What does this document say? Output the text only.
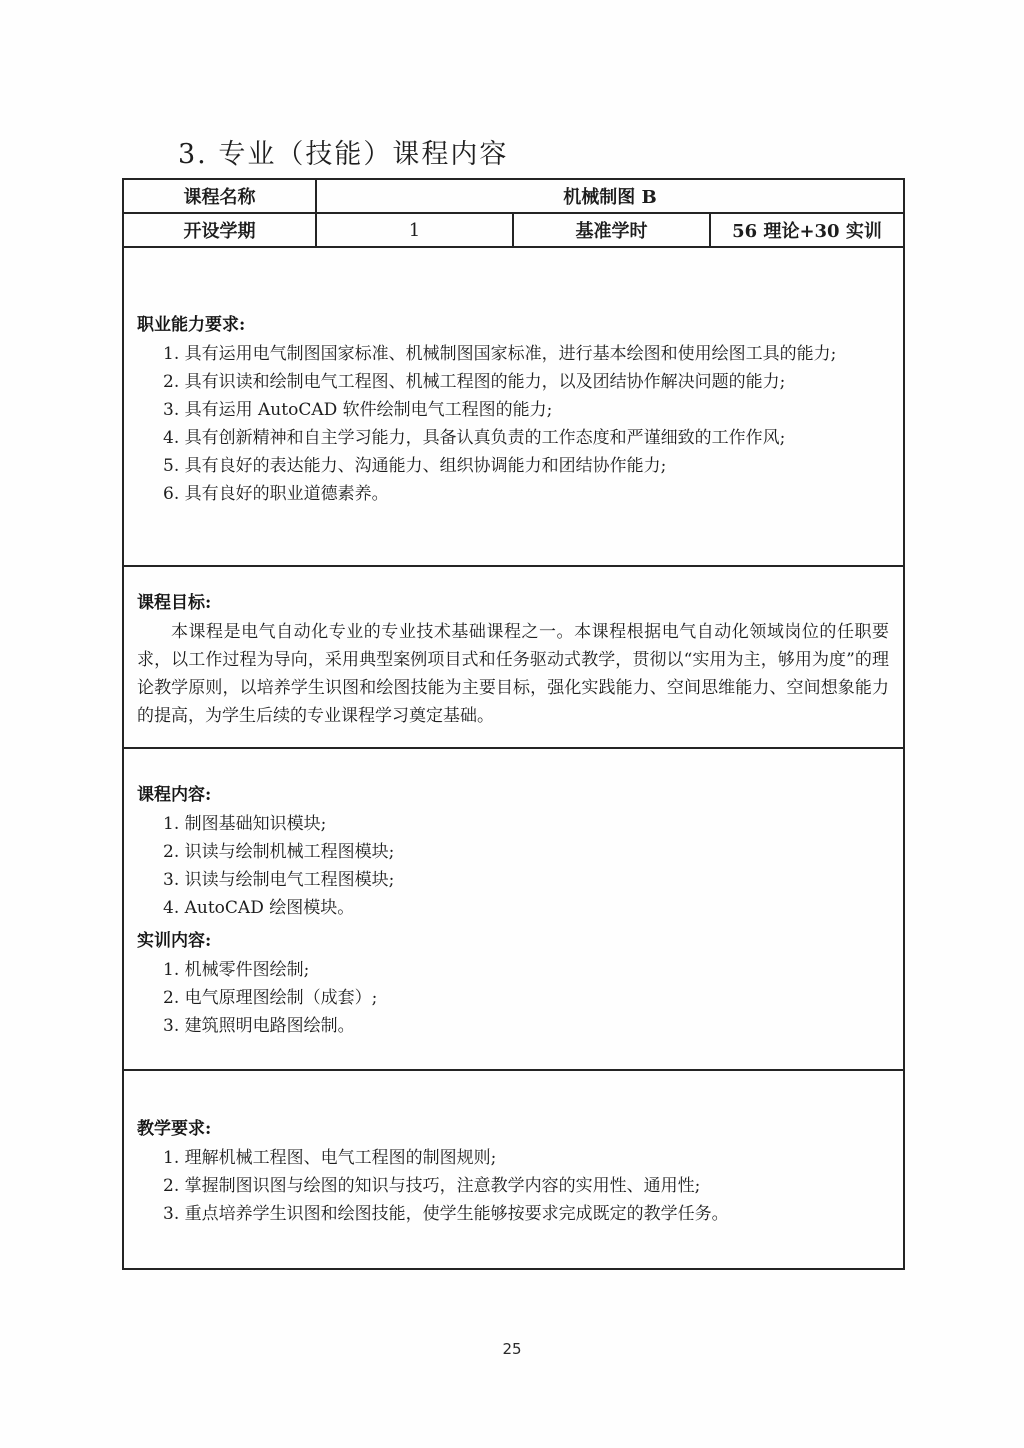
3. 专业（技能）课程内容
课程名称	机械制图 B
开设学期	1	基准学时	56 理论+30 实训
职业能力要求:
1. 具有运用电气制图国家标准、机械制图国家标准，进行基本绘图和使用绘图工具的能力;
2. 具有识读和绘制电气工程图、机械工程图的能力，以及团结协作解决问题的能力;
3. 具有运用 AutoCAD 软件绘制电气工程图的能力;
4. 具有创新精神和自主学习能力，具备认真负责的工作态度和严谨细致的工作作风;
5. 具有良好的表达能力、沟通能力、组织协调能力和团结协作能力;
6. 具有良好的职业道德素养。
课程目标:
本课程是电气自动化专业的专业技术基础课程之一。本课程根据电气自动化领域岗位的任职要求，以工作过程为导向，采用典型案例项目式和任务驱动式教学，贯彻以“实用为主，够用为度”的理论教学原则，以培养学生识图和绘图技能为主要目标，强化实践能力、空间思维能力、空间想象能力的提高，为学生后续的专业课程学习奠定基础。
课程内容:
1. 制图基础知识模块;
2. 识读与绘制机械工程图模块;
3. 识读与绘制电气工程图模块;
4. AutoCAD 绘图模块。
实训内容:
1. 机械零件图绘制;
2. 电气原理图绘制（成套）;
3. 建筑照明电路图绘制。
教学要求:
1. 理解机械工程图、电气工程图的制图规则;
2. 掌握制图识图与绘图的知识与技巧，注意教学内容的实用性、通用性;
3. 重点培养学生识图和绘图技能，使学生能够按要求完成既定的教学任务。
25
